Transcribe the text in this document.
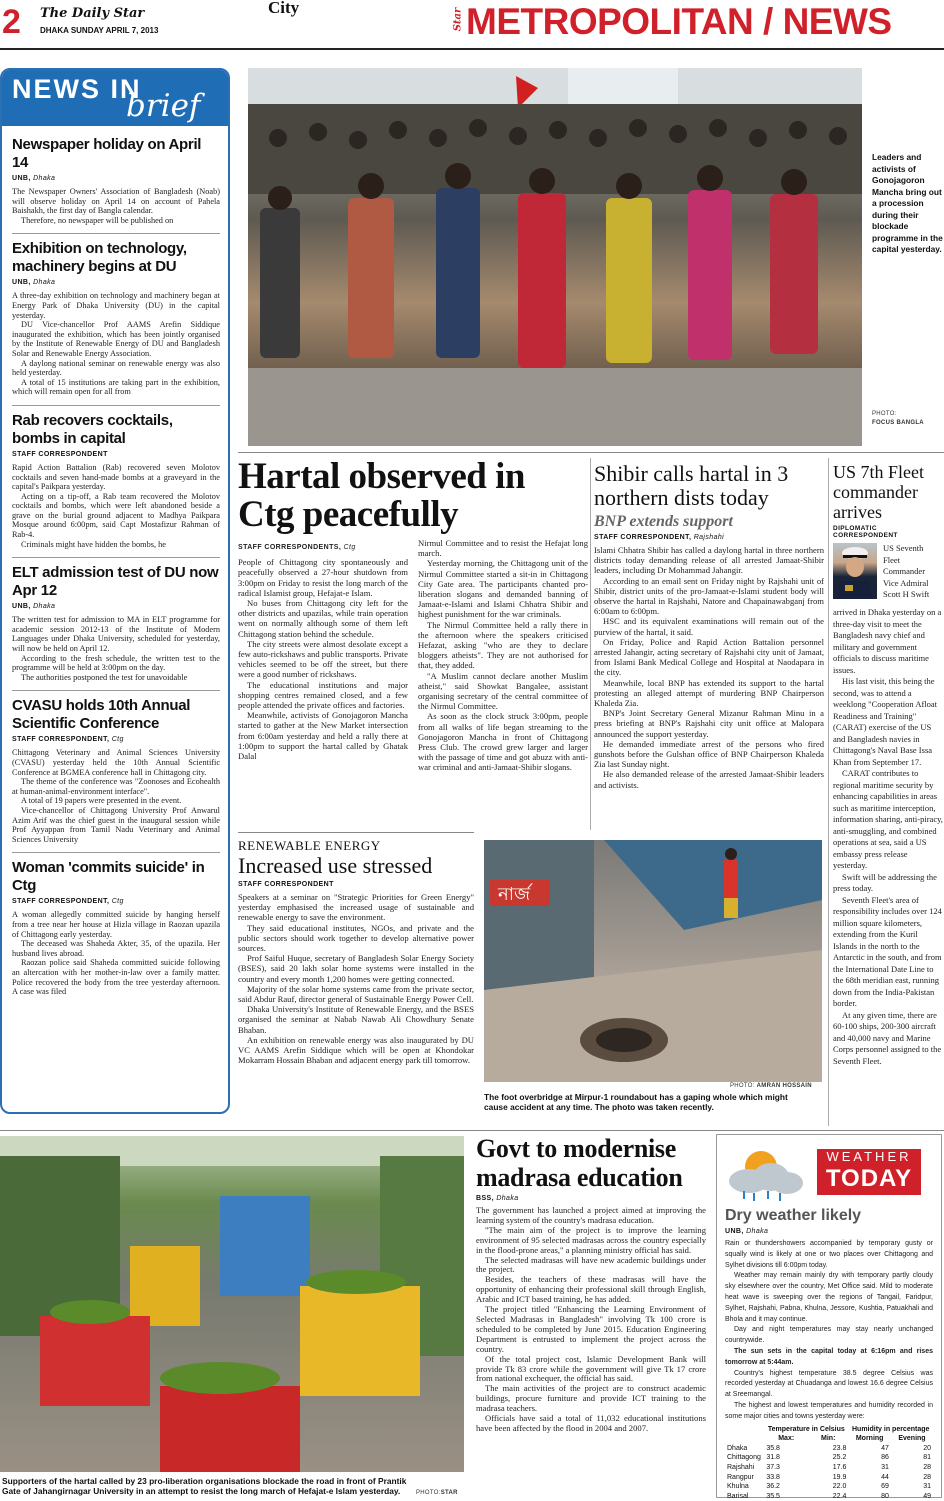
2 The Daily Star
DHAKA SUNDAY APRIL 7, 2013
City
Star METROPOLITAN / NEWS
NEWS IN
brief
Newspaper holiday on April 14
UNB, Dhaka

The Newspaper Owners' Association of Bangladesh (Noab) will observe holiday on April 14 on account of Pahela Baishakh, the first day of Bangla calendar.

Therefore, no newspaper will be published on

Exhibition on technology, machinery begins at DU
UNB, Dhaka

A three-day exhibition on technology and machinery began at Energy Park of Dhaka University (DU) in the capital yesterday.

DU Vice-chancellor Prof AAMS Arefin Siddique inaugurated the exhibition, which has been jointly organised by the Institute of Renewable Energy of DU and Bangladesh Solar and Renewable Energy Association.

A daylong national seminar on renewable energy was also held yesterday.

A total of 15 institutions are taking part in the exhibition, which will remain open for all from

Rab recovers cocktails, bombs in capital
STAFF CORRESPONDENT

Rapid Action Battalion (Rab) recovered seven Molotov cocktails and seven hand-made bombs at a graveyard in the capital's Paikpara yesterday.

Acting on a tip-off, a Rab team recovered the Molotov cocktails and bombs, which were left abandoned beside a grave on the burial ground adjacent to Madhya Paikpara Mosque around 6:00pm, said Capt Mostafizur Rahman of Rab-4.

Criminals might have hidden the bombs, he

ELT admission test of DU now Apr 12
UNB, Dhaka

The written test for admission to MA in ELT programme for academic session 2012-13 of the Institute of Modern Languages under Dhaka University, scheduled for yesterday, will now be held on April 12.

According to the fresh schedule, the written test to the programme will be held at 3:00pm on the day.

The authorities postponed the test for unavoidable

CVASU holds 10th Annual Scientific Conference
STAFF CORRESPONDENT, Ctg

Chittagong Veterinary and Animal Sciences University (CVASU) yesterday held the 10th Annual Scientific Conference at BGMEA conference hall in Chittagong city.

The theme of the conference was "Zoonoses and Ecohealth at human-animal-environment interface".

A total of 19 papers were presented in the event.

Vice-chancellor of Chittagong University Prof Anwarul Azim Arif was the chief guest in the inaugural session while Prof Ayyappan from Tamil Nadu Veterinary and Animal Sciences University

Woman 'commits suicide' in Ctg
STAFF CORRESPONDENT, Ctg

A woman allegedly committed suicide by hanging herself from a tree near her house at Hizla village in Raozan upazila of Chittagong early yesterday.

The deceased was Shaheda Akter, 35, of the upazila. Her husband lives abroad.

Raozan police said Shaheda committed suicide following an altercation with her mother-in-law over a family matter. Police recovered the body from the tree yesterday afternoon. A case was filed

Leaders and activists of Gonojagoron Mancha bring out a procession during their blockade programme in the capital yesterday.
PHOTO:
FOCUS BANGLA
Hartal observed in Ctg peacefully
STAFF CORRESPONDENTS, Ctg

People of Chittagong city spontaneously and peacefully observed a 27-hour shutdown from 3:00pm on Friday to resist the long march of the radical Islamist group, Hefajat-e Islam.

No buses from Chittagong city left for the other districts and upazilas, while train operation went on normally although some of them left Chittagong station behind the schedule.

The city streets were almost desolate except a few auto-rickshaws and public transports. Private vehicles seemed to be off the street, but there were a good number of rickshaws.

The educational institutions and major shopping centres remained closed, and a few people attended the private offices and factories.

Meanwhile, activists of Gonojagoron Mancha started to gather at the New Market intersection from 6:00am yesterday and held a rally there at 1:00pm to support the hartal called by Ghatak Dalal

Nirmul Committee and to resist the Hefajat long march.

Yesterday morning, the Chittagong unit of the Nirmul Committee started a sit-in in Chittagong City Gate area. The participants chanted pro-liberation slogans and demanded banning of Jamaat-e-Islami and Islami Chhatra Shibir and highest punishment for the war criminals.

The Nirmul Committee held a rally there in the afternoon where the speakers criticised Hefazat, asking "who are they to declare bloggers atheists". They are not authorised for that, they added.

"A Muslim cannot declare another Muslim atheist," said Showkat Bangalee, assistant organising secretary of the central committee of the Nirmul Committee.

As soon as the clock struck 3:00pm, people from all walks of life began streaming to the Gonojagoron Mancha in front of Chittagong Press Club. The crowd grew larger and larger with the passage of time and got abuzz with anti-war criminal and anti-Jamaat-Shibir slogans.

Shibir calls hartal in 3 northern dists today
BNP extends support
STAFF CORRESPONDENT, Rajshahi

Islami Chhatra Shibir has called a daylong hartal in three northern districts today demanding release of all arrested Jamaat-Shibir leaders, including Dr Mohammad Jahangir.

According to an email sent on Friday night by Rajshahi unit of Shibir, district units of the pro-Jamaat-e-Islami student body will observe the hartal in Rajshahi, Natore and Chapainawabganj from 6:00am to 6:00pm.

HSC and its equivalent examinations will remain out of the purview of the hartal, it said.

On Friday, Police and Rapid Action Battalion personnel arrested Jahangir, acting secretary of Rajshahi city unit of Jamaat, from Islami Bank Medical College and Hospital at Naodapara in the city.

Meanwhile, local BNP has extended its support to the hartal protesting an alleged attempt of murdering BNP Chairperson Khaleda Zia.

BNP's Joint Secretary General Mizanur Rahman Minu in a press briefing at BNP's Rajshahi city unit office at Malopara announced the support yesterday.

He demanded immediate arrest of the persons who fired gunshots before the Gulshan office of BNP Chairperson Khaleda Zia last Sunday night.

He also demanded release of the arrested Jamaat-Shibir leaders and activists.

US 7th Fleet commander arrives
DIPLOMATIC CORRESPONDENT
US Seventh
Fleet
Commander
Vice Admiral
Scott H Swift

arrived in Dhaka yesterday on a three-day visit to meet the Bangladesh navy chief and military and government officials to discuss maritime issues.

His last visit, this being the second, was to attend a weeklong "Cooperation Afloat Readiness and Training" (CARAT) exercise of the US and Bangladesh navies in Chittagong's Naval Base Issa Khan from September 17.

CARAT contributes to regional maritime security by enhancing capabilities in areas such as maritime interception, information sharing, anti-piracy, anti-smuggling, and combined operations at sea, said a US embassy press release yesterday.

Swift will be addressing the press today.

Seventh Fleet's area of responsibility includes over 124 million square kilometers, extending from the Kuril Islands in the north to the Antarctic in the south, and from the International Date Line to the 68th meridian east, running down from the India-Pakistan border.

At any given time, there are 60-100 ships, 200-300 aircraft and 40,000 navy and Marine Corps personnel assigned to the Seventh Fleet.

RENEWABLE ENERGY
Increased use stressed
STAFF CORRESPONDENT

Speakers at a seminar on "Strategic Priorities for Green Energy" yesterday emphasised the increased usage of sustainable and renewable energy to save the environment.

They said educational institutes, NGOs, and private and the public sectors should work together to develop alternative power sources.

Prof Saiful Huque, secretary of Bangladesh Solar Energy Society (BSES), said 20 lakh solar home systems were installed in the country and every month 1,200 homes were getting connected.

Majority of the solar home systems came from the private sector, said Abdur Rauf, director general of Sustainable Energy Power Cell.

Dhaka University's Institute of Renewable Energy, and the BSES organised the seminar at Nabab Nawab Ali Chowdhury Senate Bhaban.

An exhibition on renewable energy was also inaugurated by DU VC AAMS Arefin Siddique which will be open at Khondokar Mokarram Hossain Bhaban and adjacent energy park till tomorrow.

নার্জ
PHOTO: AMRAN HOSSAIN
The foot overbridge at Mirpur-1 roundabout has a gaping whole which might cause accident at any time. The photo was taken recently.
Supporters of the hartal called by 23 pro-liberation organisations blockade the road in front of Prantik Gate of Jahangirnagar University in an attempt to resist the long march of Hefajat-e Islam yesterday.	PHOTO:STAR
Govt to modernise madrasa education
BSS, Dhaka

The government has launched a project aimed at improving the learning system of the country's madrasa education.

"The main aim of the project is to improve the learning environment of 95 selected madrasas across the country especially in the flood-prone areas," a planning ministry official has said.

The selected madrasas will have new academic buildings under the project.

Besides, the teachers of these madrasas will have the opportunity of enhancing their professional skill through English, Arabic and ICT based training, he has added.

The project titled "Enhancing the Learning Environment of Selected Madrasas in Bangladesh" involving Tk 100 crore is scheduled to be completed by June 2015. Education Engineering Department is entrusted to implement the project across the country.

Of the total project cost, Islamic Development Bank will provide Tk 83 crore while the government will give Tk 17 crore from national exchequer, the official has said.

The main activities of the project are to construct academic buildings, procure furniture and provide ICT training to the madrasa teachers.

Officials have said a total of 11,032 educational institutions have been affected by the flood in 2004 and 2007.

WEATHER
TODAY
Dry weather likely
UNB, Dhaka

Rain or thundershowers accompanied by temporary gusty or squally wind is likely at one or two places over Chittagong and Sylhet divisions till 6:00pm today.

Weather may remain mainly dry with temporary partly cloudy sky elsewhere over the country, Met Office said. Mild to moderate heat wave is sweeping over the regions of Tangail, Faridpur, Sylhet, Rajshahi, Pabna, Khulna, Jessore, Kushtia, Patuakhali and Bhola and it may continue.

Day and night temperatures may stay nearly unchanged countrywide.

The sun sets in the capital today at 6:16pm and rises tomorrow at 5:44am.

Country's highest temperature 38.5 degree Celsius was recorded yesterday at Chuadanga and lowest 16.6 degree Celsius at Sreemangal.

The highest and lowest temperatures and humidity recorded in some major cities and towns yesterday were:

	Temperature in Celsius		Humidity in percentage	
	Max:	Min:	Morning	Evening
Dhaka	35.8	23.8	47	20
Chittagong	31.8	25.2	86	81
Rajshahi	37.3	17.6	31	28
Rangpur	33.8	19.9	44	28
Khulna	36.2	22.0	69	31
Barisal	35.5	22.4	80	49
